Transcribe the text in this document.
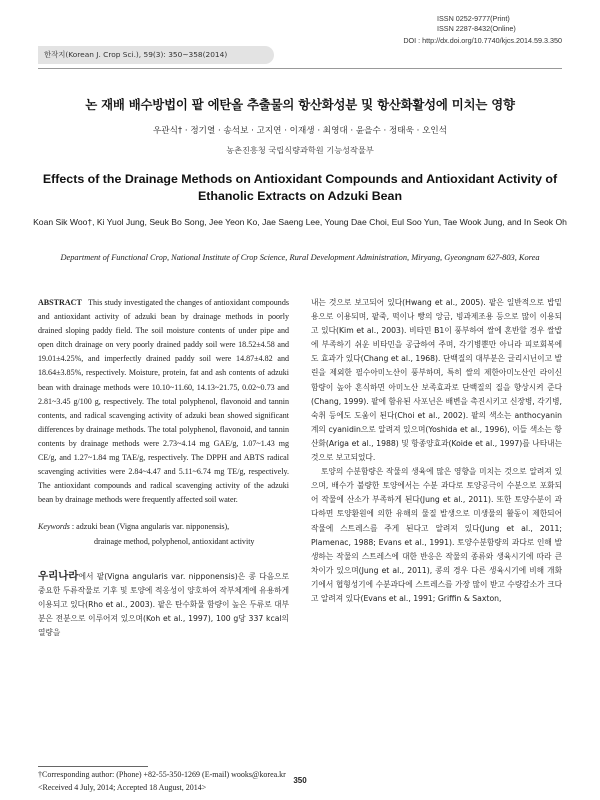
ISSN 0252-9777(Print)
ISSN 2287-8432(Online)
DOI : http://dx.doi.org/10.7740/kjcs.2014.59.3.350
한작지(Korean J. Crop Sci.), 59(3): 350~358(2014)
논 재배 배수방법이 팥 에탄올 추출물의 항산화성분 및 항산화활성에 미치는 영향
우관식† · 정기열 · 송석보 · 고지연 · 이재생 · 최영대 · 윤을수 · 정태욱 · 오인석
농촌진흥청 국립식량과학원 기능성작물부
Effects of the Drainage Methods on Antioxidant Compounds and Antioxidant Activity of Ethanolic Extracts on Adzuki Bean
Koan Sik Woo†, Ki Yuol Jung, Seuk Bo Song, Jee Yeon Ko, Jae Saeng Lee, Young Dae Choi, Eul Soo Yun, Tae Wook Jung, and In Seok Oh
Department of Functional Crop, National Institute of Crop Science, Rural Development Administration, Miryang, Gyeongnam 627-803, Korea

ABSTRACT This study investigated the changes of antioxidant compounds and antioxidant activity of adzuki bean by drainage methods in poorly drained sloping paddy field. The soil moisture contents of under pipe and open ditch drainage on very poorly drained paddy soil were 18.52±4.58 and 19.01±4.25%, and imperfectly drained paddy soil were 14.87±4.82 and 18.64±3.85%, respectively. Moisture, protein, fat and ash contents of adzuki bean with drainage methods were 10.10~11.60, 14.13~21.75, 0.02~0.73 and 2.81~3.45 g/100 g, respectively. The total polyphenol, flavonoid and tannin contents, and radical scavenging activity of adzuki bean showed significant differences by drainage methods. The total polyphenol, flavonoid, and tannin contents by drainage methods were 2.73~4.14 mg GAE/g, 1.07~1.43 mg CE/g, and 1.27~1.84 mg TAE/g, respectively. The DPPH and ABTS radical scavenging activities were 2.84~4.47 and 5.11~6.74 mg TE/g, respectively. The antioxidant compounds and radical scavenging activity of the adzuki bean by drainage methods were frequently affected soil water.

Keywords : adzuki bean (Vigna angularis var. nipponensis),
drainage method, polyphenol, antioxidant activity

우리나라에서 팥(Vigna angularis var. nipponensis)은 콩 다음으로 중요한 두류작물로 기후 및 토양에 적응성이 양호하여 작부체계에 유용하게 이용되고 있다(Rho et al., 2003). 팥은 탄수화물 함량이 높은 두류로 대부분은 전분으로 이루어져 있으며(Koh et al., 1997), 100 g당 337 kcal의 열량을

내는 것으로 보고되어 있다(Hwang et al., 2005). 팥은 일반적으로 밥밑용으로 이용되며, 팥죽, 떡이나 빵의 앙금, 빙과제조용 등으로 많이 이용되고 있다(Kim et al., 2003). 비타민 B1이 풍부하여 쌀에 혼반할 경우 쌀밥에 부족하기 쉬운 비타민을 공급하여 주며, 각기병뿐만 아니라 피로회복에도 효과가 있다(Chang et al., 1968). 단백질의 대부분은 글리시닌이고 발린을 제외한 필수아미노산이 풍부하며, 특히 쌀의 제한아미노산인 라이신 함량이 높아 혼식하면 아미노산 보족효과로 단백질의 질을 향상시켜 준다(Chang, 1999). 팥에 함유된 사포닌은 배변을 촉진시키고 신장병, 각기병, 숙취 등에도 도움이 된다(Choi et al., 2002). 팥의 색소는 anthocyanin계의 cyanidin으로 알려져 있으며(Yoshida et al., 1996), 이들 색소는 항산화(Ariga et al., 1988) 및 항종양효과(Koide et al., 1997)를 나타내는 것으로 보고되었다.

토양의 수분함량은 작물의 생육에 많은 영향을 미치는 것으로 알려져 있으며, 배수가 불량한 토양에서는 수분 과다로 토양공극이 수분으로 포화되어 작물에 산소가 부족하게 된다(Jung et al., 2011). 또한 토양수분이 과다하면 토양환원에 의한 유해의 물질 발생으로 미생물의 활동이 제한되어 작물에 스트레스를 주게 된다고 알려져 있다(Jung et al., 2011; Plamenac, 1988; Evans et al., 1991). 토양수분함량의 과다로 인해 발생하는 작물의 스트레스에 대한 반응은 작물의 종류와 생육시기에 따라 큰 차이가 있으며(Jung et al., 2011), 콩의 경우 다른 생육시기에 비해 개화기에서 협형성기에 수분과다에 스트레스를 가장 많이 받고 수량감소가 크다고 알려져 있다(Evans et al., 1991; Griffin & Saxton,

†Corresponding author: (Phone) +82-55-350-1269 (E-mail) wooks@korea.kr
<Received 4 July, 2014; Accepted 18 August, 2014>
350
